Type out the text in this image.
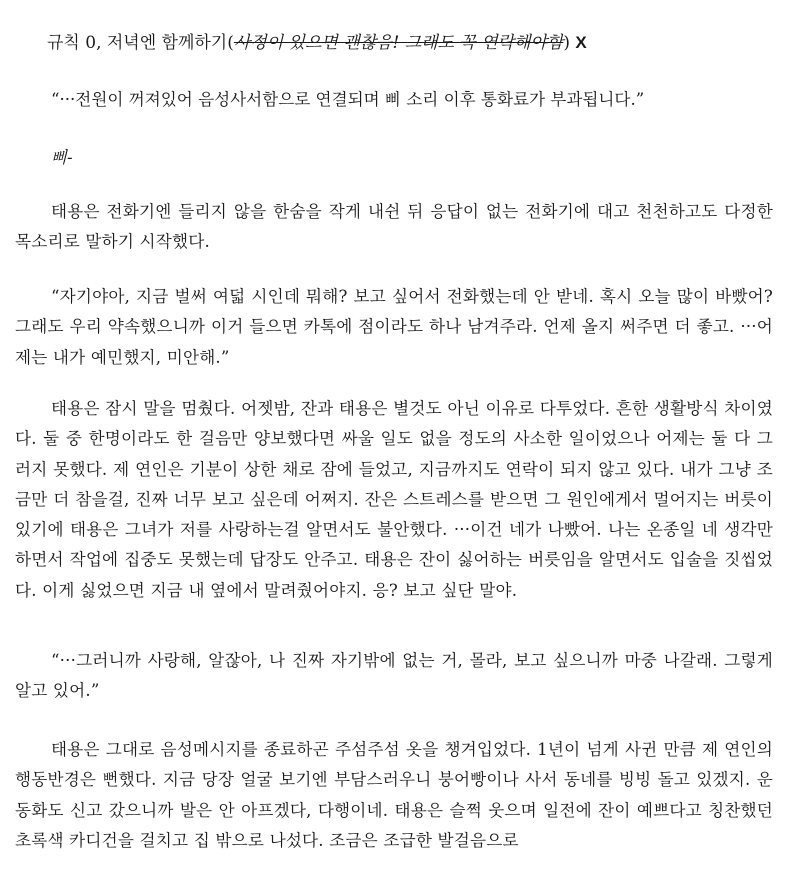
규칙 0, 저녁엔 함께하기(사정이 있으면 괜찮음! 그래도 꼭 연락해야함) X
“···전원이 꺼져있어 음성사서함으로 연결되며 삐 소리 이후 통화료가 부과됩니다.”
삐-
태용은 전화기엔 들리지 않을 한숨을 작게 내쉰 뒤 응답이 없는 전화기에 대고 천천하고도 다정한 목소리로 말하기 시작했다.
“자기야아, 지금 벌써 여덟 시인데 뭐해? 보고 싶어서 전화했는데 안 받네. 혹시 오늘 많이 바빴어? 그래도 우리 약속했으니까 이거 들으면 카톡에 점이라도 하나 남겨주라. 언제 올지 써주면 더 좋고. ···어제는 내가 예민했지, 미안해.”
태용은 잠시 말을 멈췄다. 어젯밤, 잔과 태용은 별것도 아닌 이유로 다투었다. 흔한 생활방식 차이였다. 둘 중 한명이라도 한 걸음만 양보했다면 싸울 일도 없을 정도의 사소한 일이었으나 어제는 둘 다 그러지 못했다. 제 연인은 기분이 상한 채로 잠에 들었고, 지금까지도 연락이 되지 않고 있다. 내가 그냥 조금만 더 참을걸, 진짜 너무 보고 싶은데 어쩌지. 잔은 스트레스를 받으면 그 원인에게서 멀어지는 버릇이 있기에 태용은 그녀가 저를 사랑하는걸 알면서도 불안했다. ···이건 네가 나빴어. 나는 온종일 네 생각만 하면서 작업에 집중도 못했는데 답장도 안주고. 태용은 잔이 싫어하는 버릇임을 알면서도 입술을 짓씹었다. 이게 싫었으면 지금 내 옆에서 말려줬어야지. 응? 보고 싶단 말야.
“···그러니까 사랑해, 알잖아, 나 진짜 자기밖에 없는 거, 몰라, 보고 싶으니까 마중 나갈래. 그렇게 알고 있어.”
태용은 그대로 음성메시지를 종료하곤 주섬주섬 옷을 챙겨입었다. 1년이 넘게 사귄 만큼 제 연인의 행동반경은 뻔했다. 지금 당장 얼굴 보기엔 부담스러우니 붕어빵이나 사서 동네를 빙빙 돌고 있겠지. 운동화도 신고 갔으니까 발은 안 아프겠다, 다행이네. 태용은 슬쩍 웃으며 일전에 잔이 예쁘다고 칭찬했던 초록색 카디건을 걸치고 집 밖으로 나섰다. 조금은 조급한 발걸음으로
